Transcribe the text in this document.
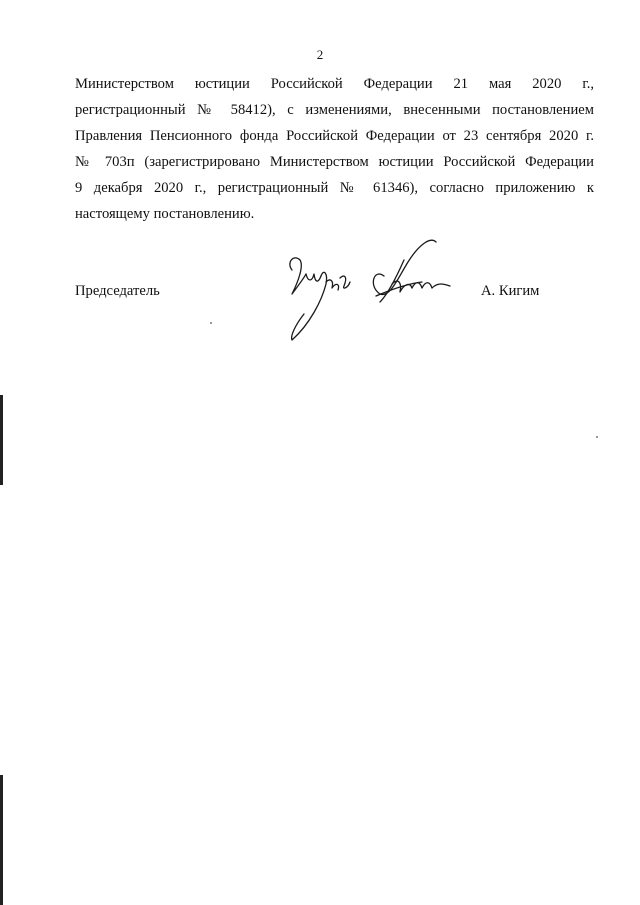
2
Министерством юстиции Российской Федерации 21 мая 2020 г.,
регистрационный № 58412), с изменениями, внесенными постановлением
Правления Пенсионного фонда Российской Федерации от 23 сентября 2020 г.
№ 703п (зарегистрировано Министерством юстиции Российской Федерации
9 декабря 2020 г., регистрационный № 61346), согласно приложению к
настоящему постановлению.
Председатель	А. Кигим
